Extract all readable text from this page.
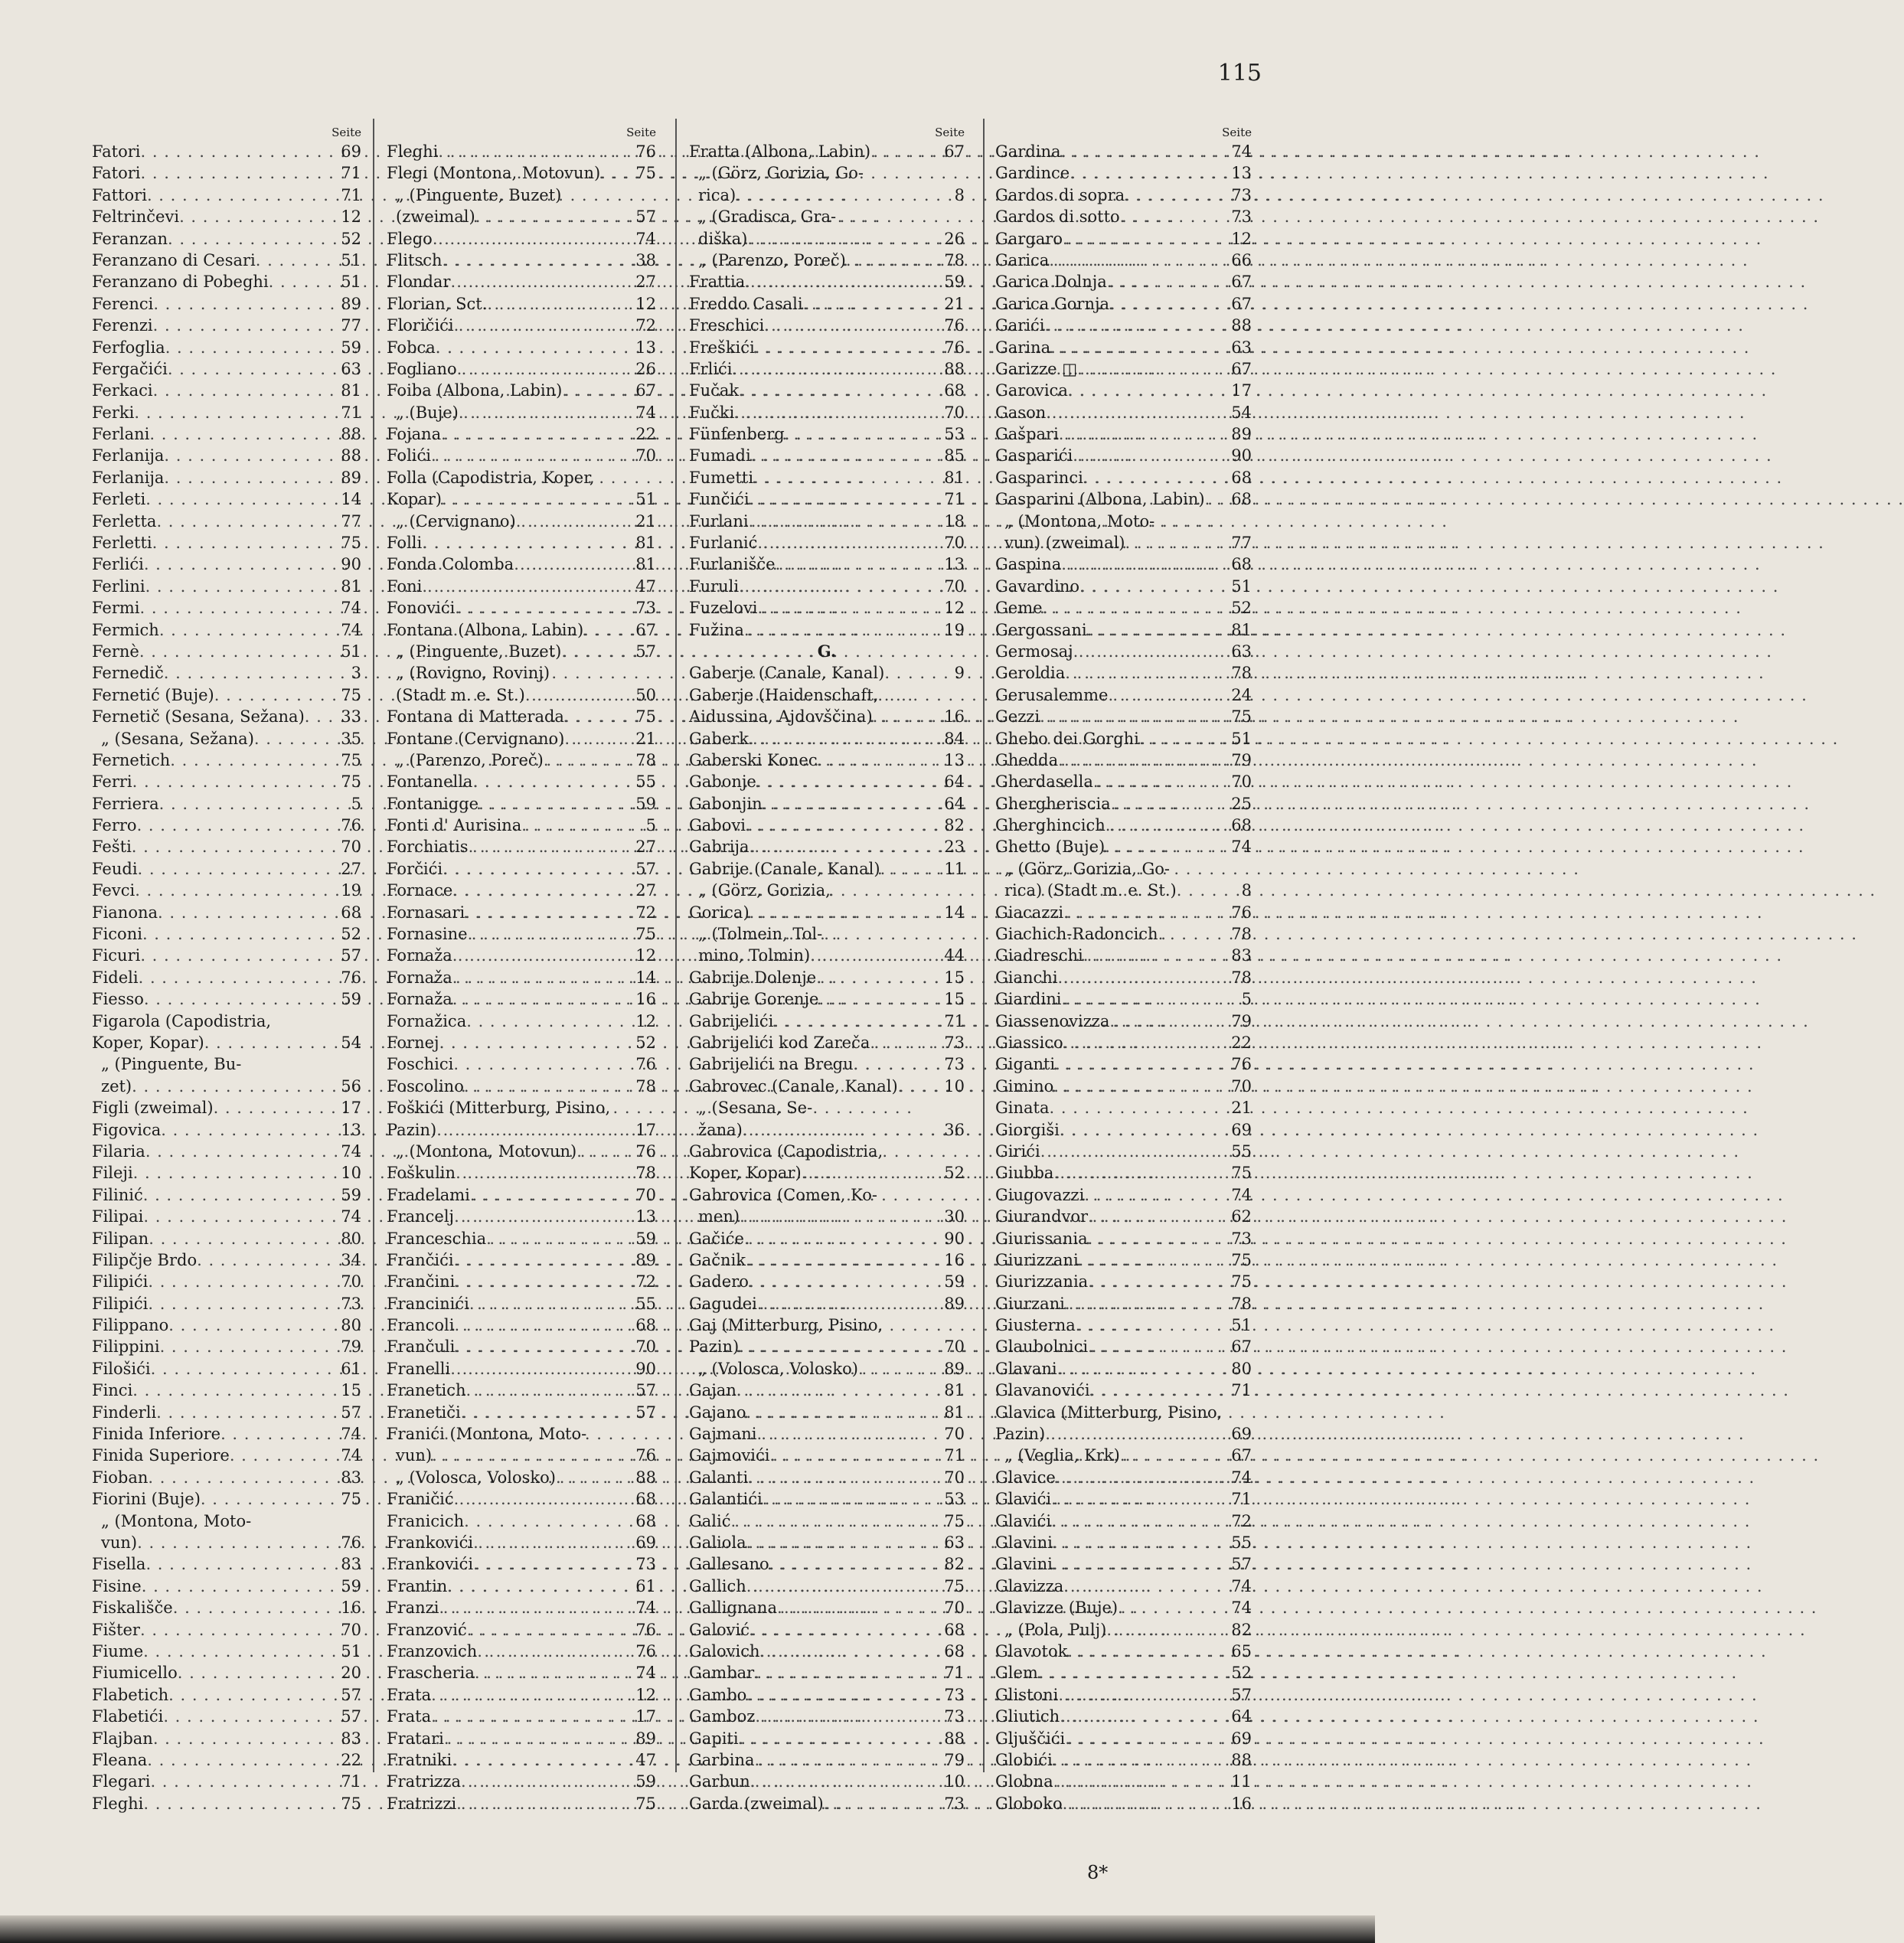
115
Seite
Fatori . . .	69
Fatori . . .	71
Fattori . . .	71
Feltrinčevi . . .	12
Feranzan . . .	52
Feranzano di Cesari . . .	51
Feranzano di Pobeghi . . .	51
Ferenci . . .	89
Ferenzi . . .	77
Ferfoglia . . .	59
Fergačići . . .	63
Ferkaci . . .	81
Ferki . . .	71
Ferlani . . .	88
Ferlanija . . .	88
Ferlanija . . .	89
Ferleti . . .	14
Ferletta . . .	77
Ferletti . . .	75
Ferlići . . .	90
Ferlini . . .	81
Fermi . . .	74
Fermich . . .	74
Fernè . . .	51
Fernedič . . .	3
Fernetić (Buje) . . .	75
Fernetič (Sesana, Sežana) . . . 33
„ (Sesana, Sežana) . . .	35
Fernetich . . .	75
Ferri . . .	75
Ferriera . . .	5
Ferro . . .	76
Fešti . . .	70
Feudi . . .	27
Fevci . . .	19
Fianona . . .	68
Ficoni . . .	52
Ficuri . . .	57
Fideli . . .	76
Fiesso . . .	59
Figarola (Capodistria,
Koper, Kopar) . . .	54
„ (Pinguente, Bu-
zet) . . .	56
Figli (zweimal) . . .	17
Figovica . . .	13
Filaria . . .	74
Fileji . . .	10
Filinić . . .	59
Filipai . . .	74
Filipan . . .	80
Filipčje Brdo . . .	34
Filipići . . .	70
Filipići . . .	73
Filippano . . .	80
Filippini . . .	79
Filošići . . .	61
Finci . . .	15
Finderli . . .	57
Finida Inferiore . . .	74
Finida Superiore . . .	74
Fioban . . .	83
Fiorini (Buje) . . .	75
„ (Montona, Moto-
vun) . . .	76
Fisella . . .	83
Fisine . . .	59
Fiskališče . . .	16
Fišter . . .	70
Fiume . . .	51
Fiumicello . . .	20
Flabetich . . .	57
Flabetići . . .	57
Flajban . . .	83
Fleana . . .	22
Flegari . . .	71
Fleghi . . .	75
Seite
Fleghi . . .	76
Flegi (Montona, Motovun) . . . 75
„ (Pinguente, Buzet)
(zweimal) . . .	57
Flego . . .	74
Flitsch . . .	38
Flondar . . .	27
Florian, Sct. . . .	12
Floričići . . .	72
Fobca . . .	13
Fogliano . . .	26
Foiba (Albona, Labin) . . .	67
„ (Buje) . . .	74
Fojana . . .	22
Folići . . .	70
Folla (Capodistria, Koper,
Kopar) . . .	51
„ (Cervignano) . . .	21
Folli . . .	81
Fonda Colomba . . .	81
Foni . . .	47
Fonovići . . .	73
Fontana (Albona, Labin) . . .	67
„ (Pinguente, Buzet) . . .	57
„ (Rovigno, Rovinj)
(Stadt m. e. St.) . . .	50
Fontana di Matterada . . .	75
Fontane (Cervignano) . . .	21
„ (Parenzo, Poreč) . . .	78
Fontanella . . .	55
Fontanigge . . .	59
Fonti d' Aurisina . . .	5
Forchiatis . . .	27
Forčići . . .	57
Fornace . . .	27
Fornasari . . .	72
Fornasine . . .	75
Fornaža . . .	12
Fornaža . . .	14
Fornaža . . .	16
Fornažica . . .	12
Fornej . . .	52
Foschici . . .	76
Foscolino . . .	78
Foškići (Mitterburg, Pisino,
Pazin) . . .	17
„ (Montona, Motovun) . . .	76
Foškulin . . .	78
Fradelami . . .	70
Francelj . . .	13
Franceschia . . .	59
Frančići . . .	89
Frančini . . .	72
Francinići . . .	55
Francoli . . .	68
Frančuli . . .	70
Franelli . . .	90
Franetich . . .	57
Franetiči . . .	57
Franići (Montona, Moto-
vun) . . .	76
„ (Volosca, Volosko) . . .	88
Franičić . . .	68
Franicich . . .	68
Frankovići . . .	69
Frankovići . . .	73
Frantin . . .	61
Franzi . . .	74
Franzović . . .	76
Franzovich . . .	76
Frascheria . . .	74
Frata . . .	12
Frata . . .	17
Fratari . . .	89
Fratniki . . .	47
Fratrizza . . .	59
Fratrizzi . . .	75
Seite
Fratta (Albona, Labin) . . .	67
„ (Görz, Gorizia, Go-
rica) . . .	8
„ (Gradisca, Gra-
diška) . . .	26
„ (Parenzo, Poreč) . . .	78
Frattia . . .	59
Freddo Casali . . .	21
Freschici . . .	76
Freškići . . .	76
Frlići . . .	88
Fučak . . .	68
Fučki . . .	70
Fünfenberg . . .	53
Fumadi . . .	85
Fumetti . . .	81
Funčići . . .	71
Furlani . . .	18
Furlanić . . .	70
Furlanišče . . .	13
Furuli . . .	70
Fuzelovi . . .	12
Fužina . . .	19
G.
Gaberje (Canale, Kanal) . . .	9
Gaberje (Haidenschaft,
Aidussina, Ajdovščina) . . .	16
Gaberk . . .	84
Gaberski Konec . . .	13
Gabonje . . .	64
Gabonjin . . .	64
Gabovi . . .	82
Gabrija . . .	23
Gabrije (Canale, Kanal) . . .	11
„ (Görz, Gorizia,
Gorica) . . .	14
„ (Tolmein, Tol-
mino, Tolmin) . . .	44
Gabrije Dolenje . . .	15
Gabrije Gorenje . . .	15
Gabrijelići . . .	71
Gabrijelići kod Zareča . . .	73
Gabrijelići na Bregu . . .	73
Gabrovec (Canale, Kanal) . . .	10
„ (Sesana, Se-
žana) . . .	36
Gabrovica (Capodistria,
Koper, Kopar) . . .	52
Gabrovica (Comen, Ko-
men) . . .	30
Gačiće . . .	90
Gačnik . . .	16
Gadero . . .	59
Gagudei . . .	89
Gaj (Mitterburg, Pisino,
Pazin) . . .	70
„ (Volosca, Volosko) . . .	89
Gajan . . .	81
Gajano . . .	81
Gajmani . . .	70
Gajmovići . . .	71
Galanti . . .	70
Galantići . . .	53
Galić . . .	75
Galiola . . .	63
Gallesano . . .	82
Gallich . . .	75
Gallignana . . .	70
Galović . . .	68
Galovich . . .	68
Gambar . . .	71
Gambo . . .	73
Gamboz . . .	73
Gapiti . . .	88
Garbina . . .	79
Garbun . . .	10
Garda (zweimal) . . .	73
Seite
Gardina . . .	74
Gardince . . .	13
Gardos di sopra . . .	73
Gardos di sotto . . .	73
Gargaro . . .	12
Garica . . .	66
Garica Dolnja . . .	67
Garica Gornja . . .	67
Garići . . .	88
Garina . . .	63
Garizze ◫ . . .	67
Garovica . . .	17
Gason . . .	54
Gašpari . . .	89
Gasparići . . .	90
Gasparinci . . .	68
Gasparini (Albona, Labin) . . . 68
„ (Montona, Moto-
vun) (zweimal) . . .	77
Gaspina . . .	68
Gavardino . . .	51
Geme . . .	52
Gergossani . . .	81
Germosaj . . .	63
Geroldia . . .	78
Gerusalemme . . .	24
Gezzi . . .	75
Ghebo dei Gorghi . . .	51
Ghedda . . .	79
Gherdasella . . .	70
Ghergheriscia . . .	25
Gherghincich . . .	68
Ghetto (Buje) . . .	74
„ (Görz, Gorizia, Go-
rica) (Stadt m. e. St.) . . .	8
Giacazzi . . .	76
Giachich-Radoncich . . .	78
Giadreschi . . .	83
Gianchi . . .	78
Giardini . . .	5
Giassenovizza . . .	79
Giassico . . .	22
Giganti . . .	76
Gimino . . .	70
Ginata . . .	21
Giorgiši . . .	69
Girići . . .	55
Giubba . . .	75
Giugovazzi . . .	74
Giurandvor . . .	62
Giurissania . . .	73
Giurizzani . . .	75
Giurizzania . . .	75
Giurzani . . .	78
Giusterna . . .	51
Glaubolnici . . .	67
Glavani . . .	80
Glavanovići . . .	71
Glavica (Mitterburg, Pisino,
Pazin) . . .	69
„ (Veglia, Krk) . . .	67
Glavice . . .	74
Glavići . . .	71
Glavići . . .	72
Glavini . . .	55
Glavini . . .	57
Glavizza . . .	74
Glavizze (Buje) . . .	74
„ (Pola, Pulj) . . .	82
Glavotok . . .	65
Glem . . .	52
Glistoni . . .	57
Gliutich . . .	64
Gljuščići . . .	69
Globići . . .	88
Globna . . .	11
Globoko . . .	16
8*
